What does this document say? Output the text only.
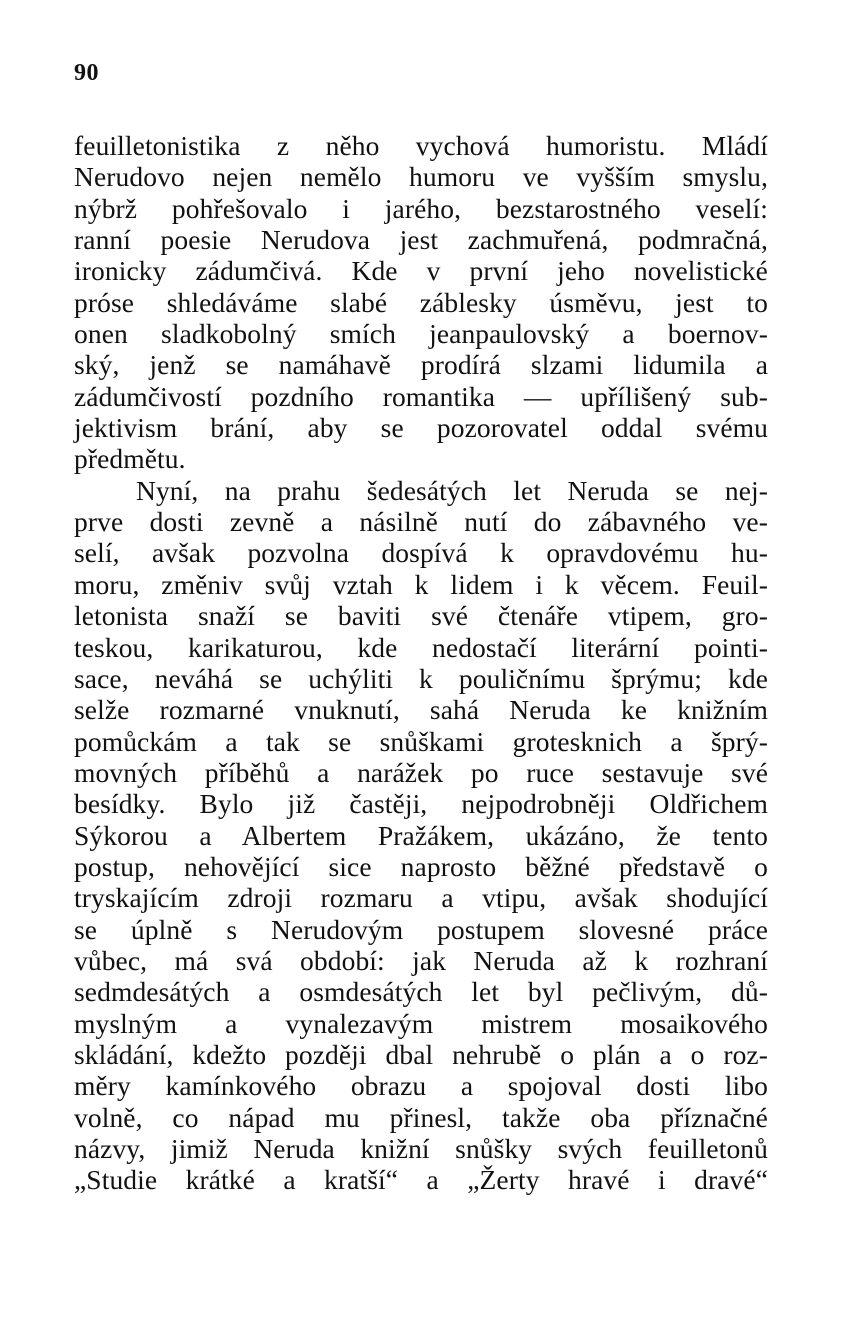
90
feuilletonistika z něho vychová humoristu. Mládí
Nerudovo nejen nemělo humoru ve vyšším smyslu,
nýbrž pohřešovalo i jarého, bezstarostného veselí:
ranní poesie Nerudova jest zachmuřená, podmračná,
ironicky zádumčivá. Kde v první jeho novelistické
próse shledáváme slabé záblesky úsměvu, jest to
onen sladkobolný smích jeanpaulovský a boernov-
ský, jenž se namáhavě prodírá slzami lidumila a
zádumčivostí pozdního romantika — upřílišený sub-
jektivism brání, aby se pozorovatel oddal svému
předmětu.
Nyní, na prahu šedesátých let Neruda se nej-
prve dosti zevně a násilně nutí do zábavného ve-
selí, avšak pozvolna dospívá k opravdovému hu-
moru, změniv svůj vztah k lidem i k věcem. Feuil-
letonista snaží se baviti své čtenáře vtipem, gro-
teskou, karikaturou, kde nedostačí literární pointi-
sace, neváhá se uchýliti k pouličnímu šprýmu; kde
selže rozmarné vnuknutí, sahá Neruda ke knižním
pomůckám a tak se snůškami grotesknich a šprý-
movných příběhů a narážek po ruce sestavuje své
besídky. Bylo již častěji, nejpodrobněji Oldřichem
Sýkorou a Albertem Pražákem, ukázáno, že tento
postup, nehovějící sice naprosto běžné představě o
tryskajícím zdroji rozmaru a vtipu, avšak shodující
se úplně s Nerudovým postupem slovesné práce
vůbec, má svá období: jak Neruda až k rozhraní
sedmdesátých a osmdesátých let byl pečlivým, dů-
myslným a vynalezavým mistrem mosaikového
skládání, kdežto později dbal nehrubě o plán a o roz-
měry kamínkového obrazu a spojoval dosti libo
volně, co nápad mu přinesl, takže oba příznačné
názvy, jimiž Neruda knižní snůšky svých feuilletonů
„Studie krátké a kratší“ a „Žerty hravé i dravé“
